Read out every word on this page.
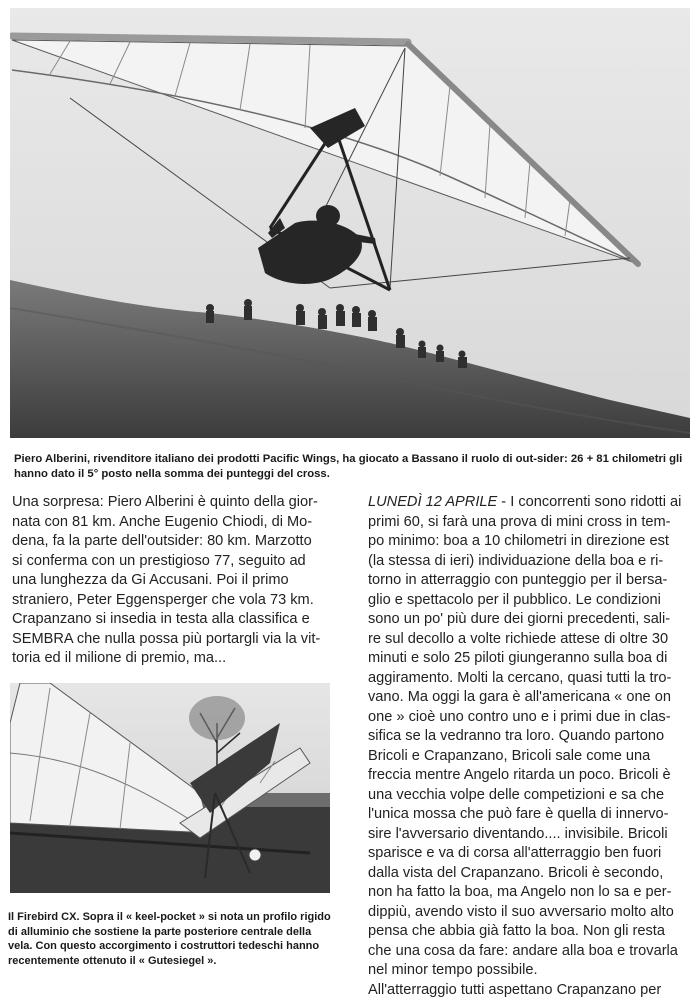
Piero Alberini, rivenditore italiano dei prodotti Pacific Wings, ha giocato a Bassano il ruolo di out-sider: 26 + 81 chilometri gli hanno dato il 5° posto nella somma dei punteggi del cross.

Una sorpresa: Piero Alberini è quinto della gior-

nata con 81 km. Anche Eugenio Chiodi, di Mo-

dena, fa la parte dell'outsider: 80 km. Marzotto

si conferma con un prestigioso 77, seguito ad

una lunghezza da Gi Accusani. Poi il primo

straniero, Peter Eggensperger che vola 73 km.

Crapanzano si insedia in testa alla classifica e

SEMBRA che nulla possa più portargli via la vit-

toria ed il milione di premio, ma...

Il Firebird CX. Sopra il « keel-pocket » si nota un profilo rigido di alluminio che sostiene la parte posteriore centrale della vela. Con questo accorgimento i costruttori tedeschi hanno recentemente ottenuto il « Gutesiegel ».

LUNEDÌ 12 APRILE - I concorrenti sono ridotti ai

primi 60, si farà una prova di mini cross in tem-

po minimo: boa a 10 chilometri in direzione est

(la stessa di ieri) individuazione della boa e ri-

torno in atterraggio con punteggio per il bersa-

glio e spettacolo per il pubblico. Le condizioni

sono un po' più dure dei giorni precedenti, sali-

re sul decollo a volte richiede attese di oltre 30

minuti e solo 25 piloti giungeranno sulla boa di

aggiramento. Molti la cercano, quasi tutti la tro-

vano. Ma oggi la gara è all'americana « one on

one » cioè uno contro uno e i primi due in clas-

sifica se la vedranno tra loro. Quando partono

Bricoli e Crapanzano, Bricoli sale come una

freccia mentre Angelo ritarda un poco. Bricoli è

una vecchia volpe delle competizioni e sa che

l'unica mossa che può fare è quella di innervo-

sire l'avversario diventando.... invisibile. Bricoli

sparisce e va di corsa all'atterraggio ben fuori

dalla vista del Crapanzano. Bricoli è secondo,

non ha fatto la boa, ma Angelo non lo sa e per-

dippiù, avendo visto il suo avversario molto alto

pensa che abbia già fatto la boa. Non gli resta

che una cosa da fare: andare alla boa e trovarla

nel minor tempo possibile.

All'atterraggio tutti aspettano Crapanzano per
